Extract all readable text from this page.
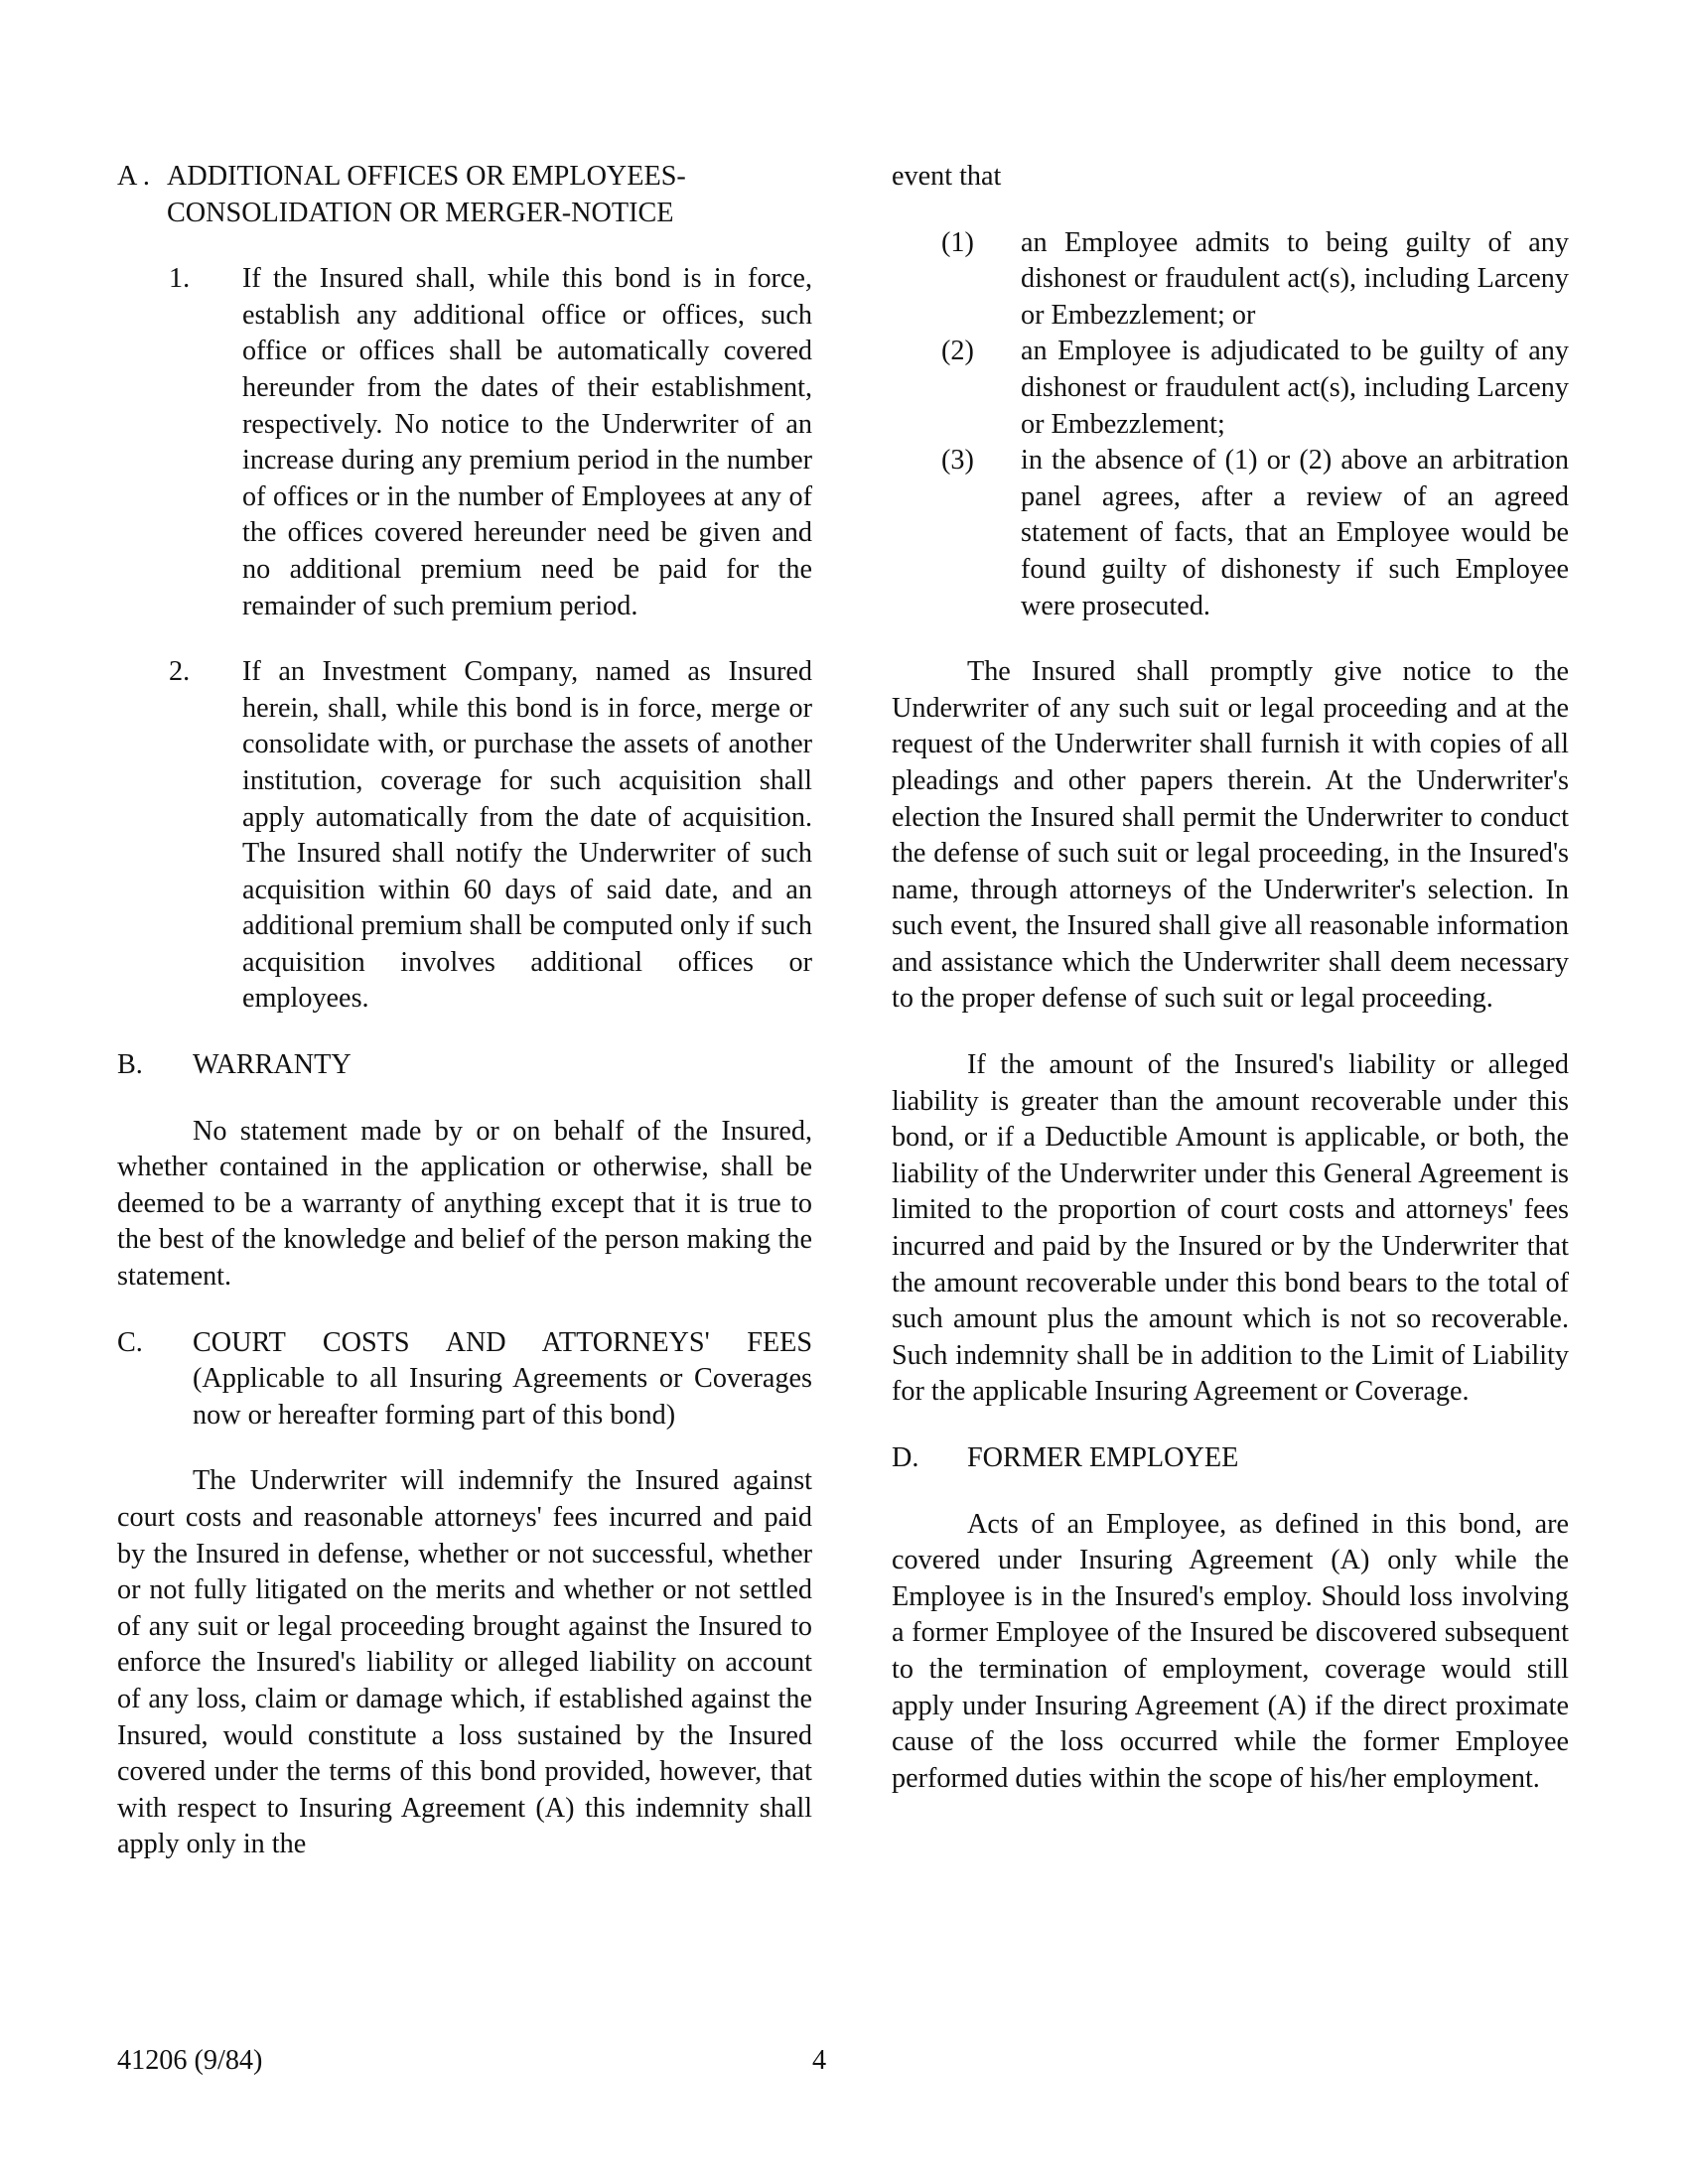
A . ADDITIONAL OFFICES OR EMPLOYEES-CONSOLIDATION OR MERGER-NOTICE
1.	If the Insured shall, while this bond is in force, establish any additional office or offices, such office or offices shall be automatically covered hereunder from the dates of their establishment, respectively. No notice to the Underwriter of an increase during any premium period in the number of offices or in the number of Employees at any of the offices covered hereunder need be given and no additional premium need be paid for the remainder of such premium period.

2.	If an Investment Company, named as Insured herein, shall, while this bond is in force, merge or consolidate with, or purchase the assets of another institution, coverage for such acquisition shall apply automatically from the date of acquisition. The Insured shall notify the Underwriter of such acquisition within 60 days of said date, and an additional premium shall be computed only if such acquisition involves additional offices or employees.

B.	WARRANTY

No statement made by or on behalf of the Insured, whether contained in the application or otherwise, shall be deemed to be a warranty of anything except that it is true to the best of the knowledge and belief of the person making the statement.

C.	COURT COSTS AND ATTORNEYS' FEES (Applicable to all Insuring Agreements or Coverages now or hereafter forming part of this bond)

The Underwriter will indemnify the Insured against court costs and reasonable attorneys' fees incurred and paid by the Insured in defense, whether or not successful, whether or not fully litigated on the merits and whether or not settled of any suit or legal proceeding brought against the Insured to enforce the Insured's liability or alleged liability on account of any loss, claim or damage which, if established against the Insured, would constitute a loss sustained by the Insured covered under the terms of this bond provided, however, that with respect to Insuring Agreement (A) this indemnity shall apply only in the

event that

(1)	an Employee admits to being guilty of any dishonest or fraudulent act(s), including Larceny or Embezzlement; or

(2)	an Employee is adjudicated to be guilty of any dishonest or fraudulent act(s), including Larceny or Embezzlement;

(3)	in the absence of (1) or (2) above an arbitration panel agrees, after a review of an agreed statement of facts, that an Employee would be found guilty of dishonesty if such Employee were prosecuted.

The Insured shall promptly give notice to the Underwriter of any such suit or legal proceeding and at the request of the Underwriter shall furnish it with copies of all pleadings and other papers therein. At the Underwriter's election the Insured shall permit the Underwriter to conduct the defense of such suit or legal proceeding, in the Insured's name, through attorneys of the Underwriter's selection. In such event, the Insured shall give all reasonable information and assistance which the Underwriter shall deem necessary to the proper defense of such suit or legal proceeding.

If the amount of the Insured's liability or alleged liability is greater than the amount recoverable under this bond, or if a Deductible Amount is applicable, or both, the liability of the Underwriter under this General Agreement is limited to the proportion of court costs and attorneys' fees incurred and paid by the Insured or by the Underwriter that the amount recoverable under this bond bears to the total of such amount plus the amount which is not so recoverable. Such indemnity shall be in addition to the Limit of Liability for the applicable Insuring Agreement or Coverage.

D.	FORMER EMPLOYEE

Acts of an Employee, as defined in this bond, are covered under Insuring Agreement (A) only while the Employee is in the Insured's employ. Should loss involving a former Employee of the Insured be discovered subsequent to the termination of employment, coverage would still apply under Insuring Agreement (A) if the direct proximate cause of the loss occurred while the former Employee performed duties within the scope of his/her employment.

41206 (9/84)	4
